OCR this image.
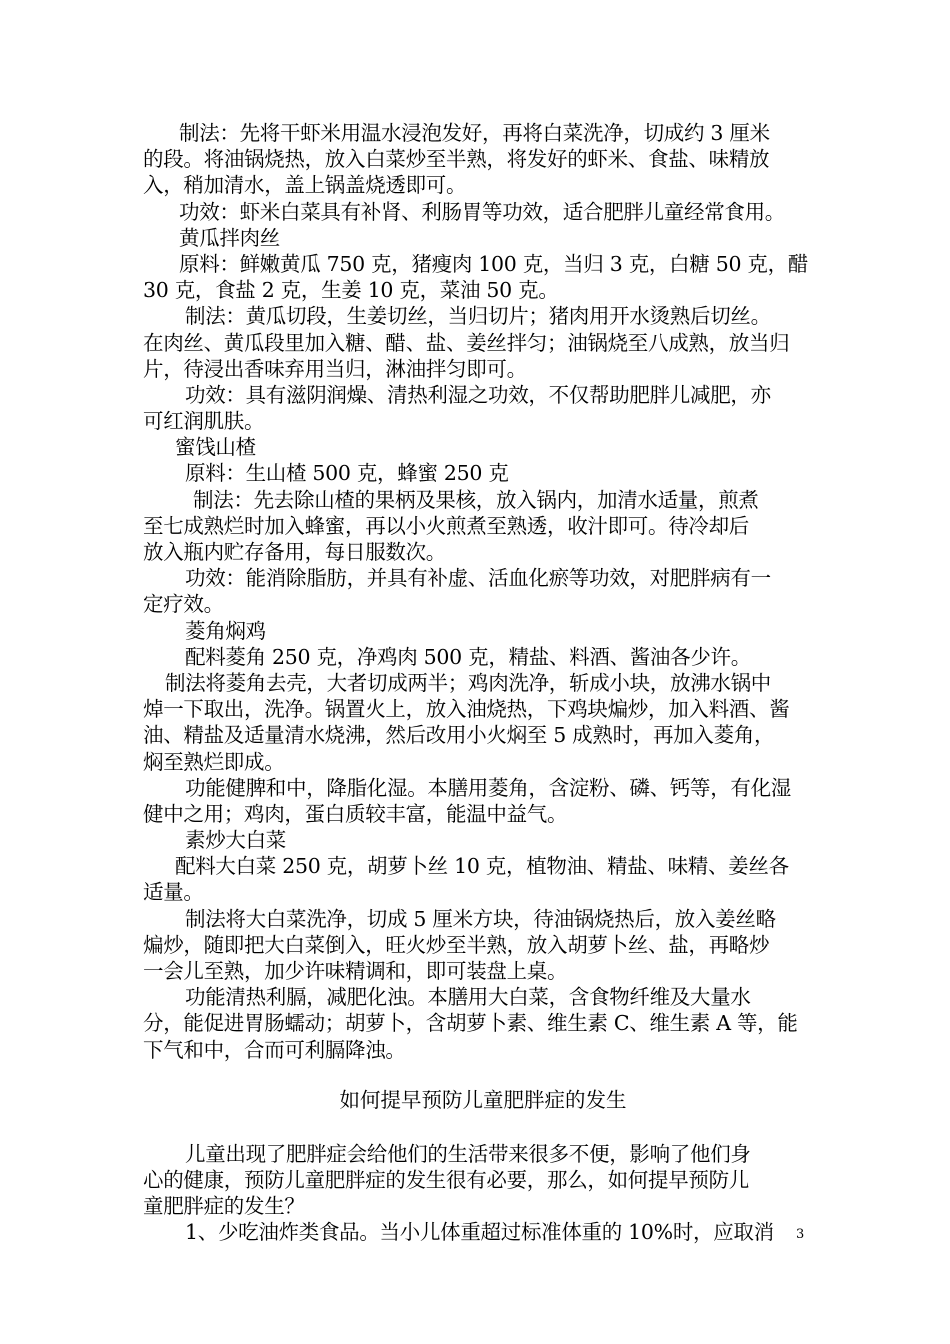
制法：先将干虾米用温水浸泡发好，再将白菜洗净，切成约 3 厘米
的段。将油锅烧热，放入白菜炒至半熟，将发好的虾米、食盐、味精放
入，稍加清水，盖上锅盖烧透即可。
功效：虾米白菜具有补肾、利肠胃等功效，适合肥胖儿童经常食用。
黄瓜拌肉丝
原料：鲜嫩黄瓜 750 克，猪瘦肉 100 克，当归 3 克，白糖 50 克，醋
30 克，食盐 2 克，生姜 10 克，菜油 50 克。
制法：黄瓜切段，生姜切丝，当归切片；猪肉用开水烫熟后切丝。
在肉丝、黄瓜段里加入糖、醋、盐、姜丝拌匀；油锅烧至八成熟，放当归
片，待浸出香味弃用当归，淋油拌匀即可。
功效：具有滋阴润燥、清热利湿之功效，不仅帮助肥胖儿减肥，亦
可红润肌肤。
蜜饯山楂
原料：生山楂 500 克，蜂蜜 250 克
制法：先去除山楂的果柄及果核，放入锅内，加清水适量，煎煮
至七成熟烂时加入蜂蜜，再以小火煎煮至熟透，收汁即可。待冷却后
放入瓶内贮存备用，每日服数次。
功效：能消除脂肪，并具有补虚、活血化瘀等功效，对肥胖病有一
定疗效。
菱角焖鸡
配料菱角 250 克，净鸡肉 500 克，精盐、料酒、酱油各少许。
制法将菱角去壳，大者切成两半；鸡肉洗净，斩成小块，放沸水锅中
焯一下取出，洗净。锅置火上，放入油烧热，下鸡块煸炒，加入料酒、酱
油、精盐及适量清水烧沸，然后改用小火焖至 5 成熟时，再加入菱角，
焖至熟烂即成。
功能健脾和中，降脂化湿。本膳用菱角，含淀粉、磷、钙等，有化湿
健中之用；鸡肉，蛋白质较丰富，能温中益气。
素炒大白菜
配料大白菜 250 克，胡萝卜丝 10 克，植物油、精盐、味精、姜丝各
适量。
制法将大白菜洗净，切成 5 厘米方块，待油锅烧热后，放入姜丝略
煸炒，随即把大白菜倒入，旺火炒至半熟，放入胡萝卜丝、盐，再略炒
一会儿至熟，加少许味精调和，即可装盘上桌。
功能清热利膈，减肥化浊。本膳用大白菜，含食物纤维及大量水
分，能促进胃肠蠕动；胡萝卜，含胡萝卜素、维生素 C、维生素 A 等，能
下气和中，合而可利膈降浊。
如何提早预防儿童肥胖症的发生
儿童出现了肥胖症会给他们的生活带来很多不便，影响了他们身
心的健康，预防儿童肥胖症的发生很有必要，那么，如何提早预防儿
童肥胖症的发生？
1、少吃油炸类食品。当小儿体重超过标准体重的 10%时，应取消	3
